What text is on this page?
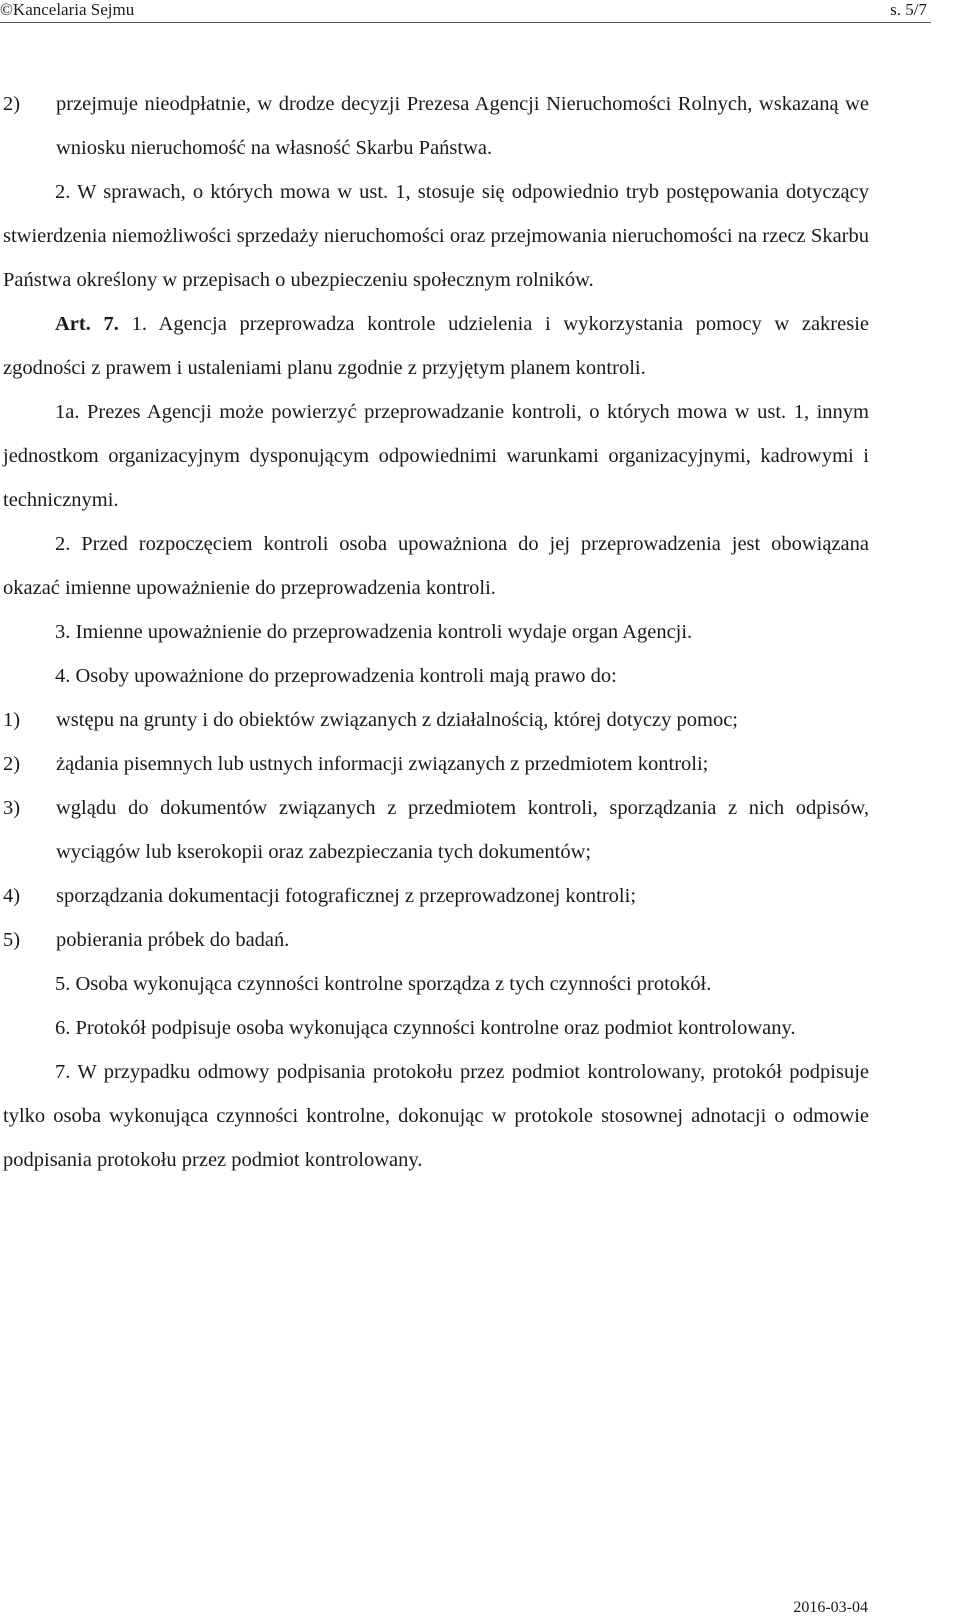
©Kancelaria Sejmu	s. 5/7

2) przejmuje nieodpłatnie, w drodze decyzji Prezesa Agencji Nieruchomości Rolnych, wskazaną we wniosku nieruchomość na własność Skarbu Państwa.

2. W sprawach, o których mowa w ust. 1, stosuje się odpowiednio tryb postępowania dotyczący stwierdzenia niemożliwości sprzedaży nieruchomości oraz przejmowania nieruchomości na rzecz Skarbu Państwa określony w przepisach o ubezpieczeniu społecznym rolników.

Art. 7. 1. Agencja przeprowadza kontrole udzielenia i wykorzystania pomocy w zakresie zgodności z prawem i ustaleniami planu zgodnie z przyjętym planem kontroli.

1a. Prezes Agencji może powierzyć przeprowadzanie kontroli, o których mowa w ust. 1, innym jednostkom organizacyjnym dysponującym odpowiednimi warunkami organizacyjnymi, kadrowymi i technicznymi.

2. Przed rozpoczęciem kontroli osoba upoważniona do jej przeprowadzenia jest obowiązana okazać imienne upoważnienie do przeprowadzenia kontroli.

3. Imienne upoważnienie do przeprowadzenia kontroli wydaje organ Agencji.

4. Osoby upoważnione do przeprowadzenia kontroli mają prawo do:

1) wstępu na grunty i do obiektów związanych z działalnością, której dotyczy pomoc;

2) żądania pisemnych lub ustnych informacji związanych z przedmiotem kontroli;

3) wglądu do dokumentów związanych z przedmiotem kontroli, sporządzania z nich odpisów, wyciągów lub kserokopii oraz zabezpieczania tych dokumentów;

4) sporządzania dokumentacji fotograficznej z przeprowadzonej kontroli;

5) pobierania próbek do badań.

5. Osoba wykonująca czynności kontrolne sporządza z tych czynności protokół.

6. Protokół podpisuje osoba wykonująca czynności kontrolne oraz podmiot kontrolowany.

7. W przypadku odmowy podpisania protokołu przez podmiot kontrolowany, protokół podpisuje tylko osoba wykonująca czynności kontrolne, dokonując w protokole stosownej adnotacji o odmowie podpisania protokołu przez podmiot kontrolowany.

2016-03-04
